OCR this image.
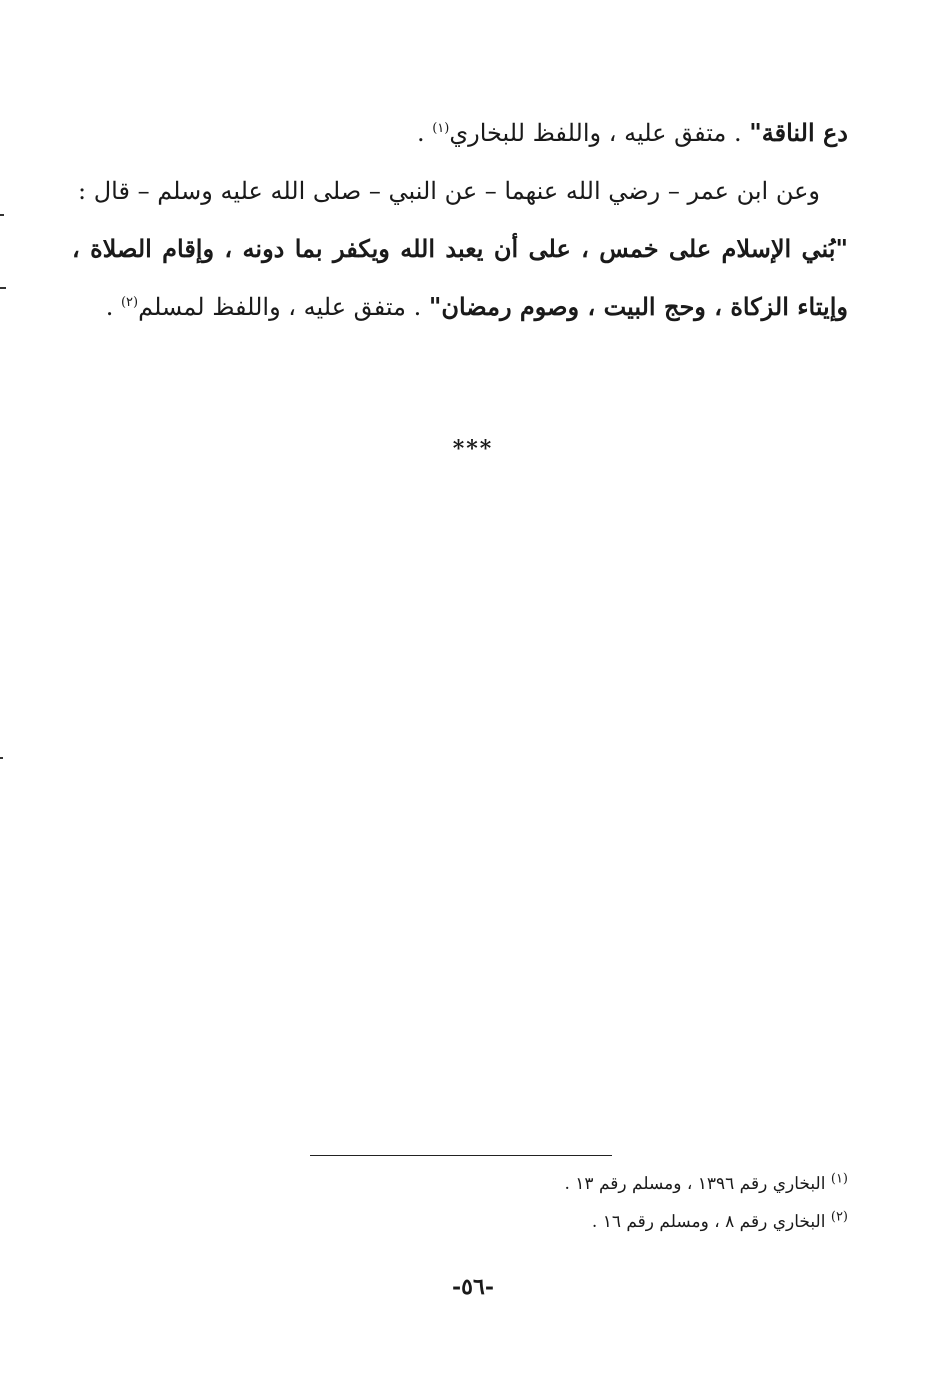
دع الناقة" . متفق عليه ، واللفظ للبخاري$^{(١)}$ .
وعن ابن عمر – رضي الله عنهما – عن النبي – صلى الله عليه وسلم – قال :
"بُني الإسلام على خمس ، على أن يعبد الله ويكفر بما دونه ، وإقام الصلاة ،
وإيتاء الزكاة ، وحج البيت ، وصوم رمضان" . متفق عليه ، واللفظ لمسلم$^{(٢)}$ .
***
$^{(١)}$ البخاري رقم ١٣٩٦ ، ومسلم رقم ١٣ .
$^{(٢)}$ البخاري رقم ٨ ، ومسلم رقم ١٦ .
-٥٦-
